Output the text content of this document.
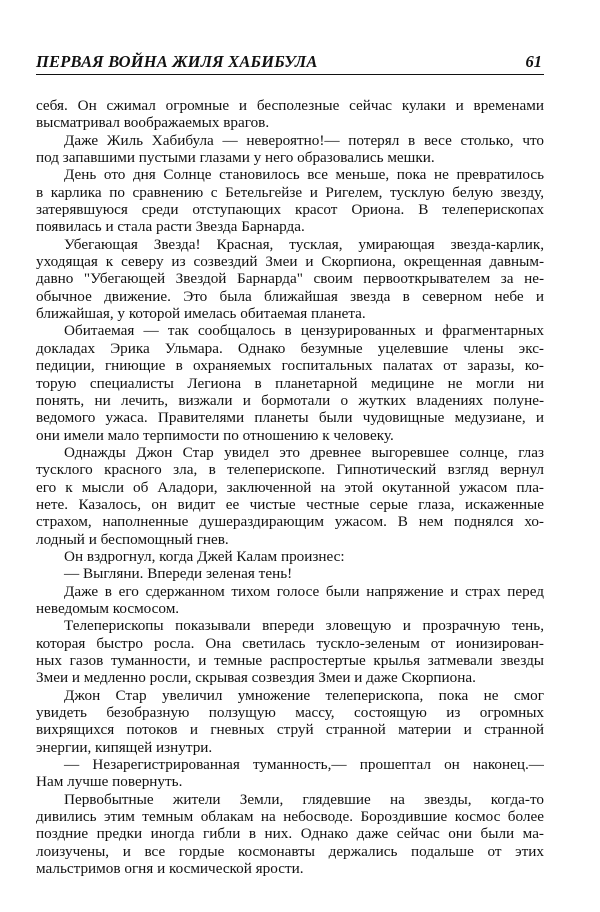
ПЕРВАЯ ВОЙНА ЖИЛЯ ХАБИБУЛА	61
себя. Он сжимал огромные и бесполезные сейчас кулаки и временами
высматривал воображаемых врагов.
Даже Жиль Хабибула — невероятно!— потерял в весе столько, что
под запавшими пустыми глазами у него образовались мешки.
День ото дня Солнце становилось все меньше, пока не превратилось
в карлика по сравнению с Бетельгейзе и Ригелем, тусклую белую звезду,
затерявшуюся среди отступающих красот Ориона. В телеперископах
появилась и стала расти Звезда Барнарда.
Убегающая Звезда! Красная, тусклая, умирающая звезда-карлик,
уходящая к северу из созвездий Змеи и Скорпиона, окрещенная давным-
давно "Убегающей Звездой Барнарда" своим первооткрывателем за не-
обычное движение. Это была ближайшая звезда в северном небе и
ближайшая, у которой имелась обитаемая планета.
Обитаемая — так сообщалось в цензурированных и фрагментарных
докладах Эрика Ульмара. Однако безумные уцелевшие члены экс-
педиции, гниющие в охраняемых госпитальных палатах от заразы, ко-
торую специалисты Легиона в планетарной медицине не могли ни
понять, ни лечить, визжали и бормотали о жутких владениях полуне-
ведомого ужаса. Правителями планеты были чудовищные медузиане, и
они имели мало терпимости по отношению к человеку.
Однажды Джон Стар увидел это древнее выгоревшее солнце, глаз
тусклого красного зла, в телеперископе. Гипнотический взгляд вернул
его к мысли об Аладори, заключенной на этой окутанной ужасом пла-
нете. Казалось, он видит ее чистые честные серые глаза, искаженные
страхом, наполненные душераздирающим ужасом. В нем поднялся хо-
лодный и беспомощный гнев.
Он вздрогнул, когда Джей Калам произнес:
— Выгляни. Впереди зеленая тень!
Даже в его сдержанном тихом голосе были напряжение и страх перед
неведомым космосом.
Телеперископы показывали впереди зловещую и прозрачную тень,
которая быстро росла. Она светилась тускло-зеленым от ионизирован-
ных газов туманности, и темные распростертые крылья затмевали звезды
Змеи и медленно росли, скрывая созвездия Змеи и даже Скорпиона.
Джон Стар увеличил умножение телеперископа, пока не смог
увидеть безобразную ползущую массу, состоящую из огромных
вихрящихся потоков и гневных струй странной материи и странной
энергии, кипящей изнутри.
— Незарегистрированная туманность,— прошептал он наконец.—
Нам лучше повернуть.
Первобытные жители Земли, глядевшие на звезды, когда-то
дивились этим темным облакам на небосводе. Бороздившие космос более
поздние предки иногда гибли в них. Однако даже сейчас они были ма-
лоизучены, и все гордые космонавты держались подальше от этих
мальстримов огня и космической ярости.
